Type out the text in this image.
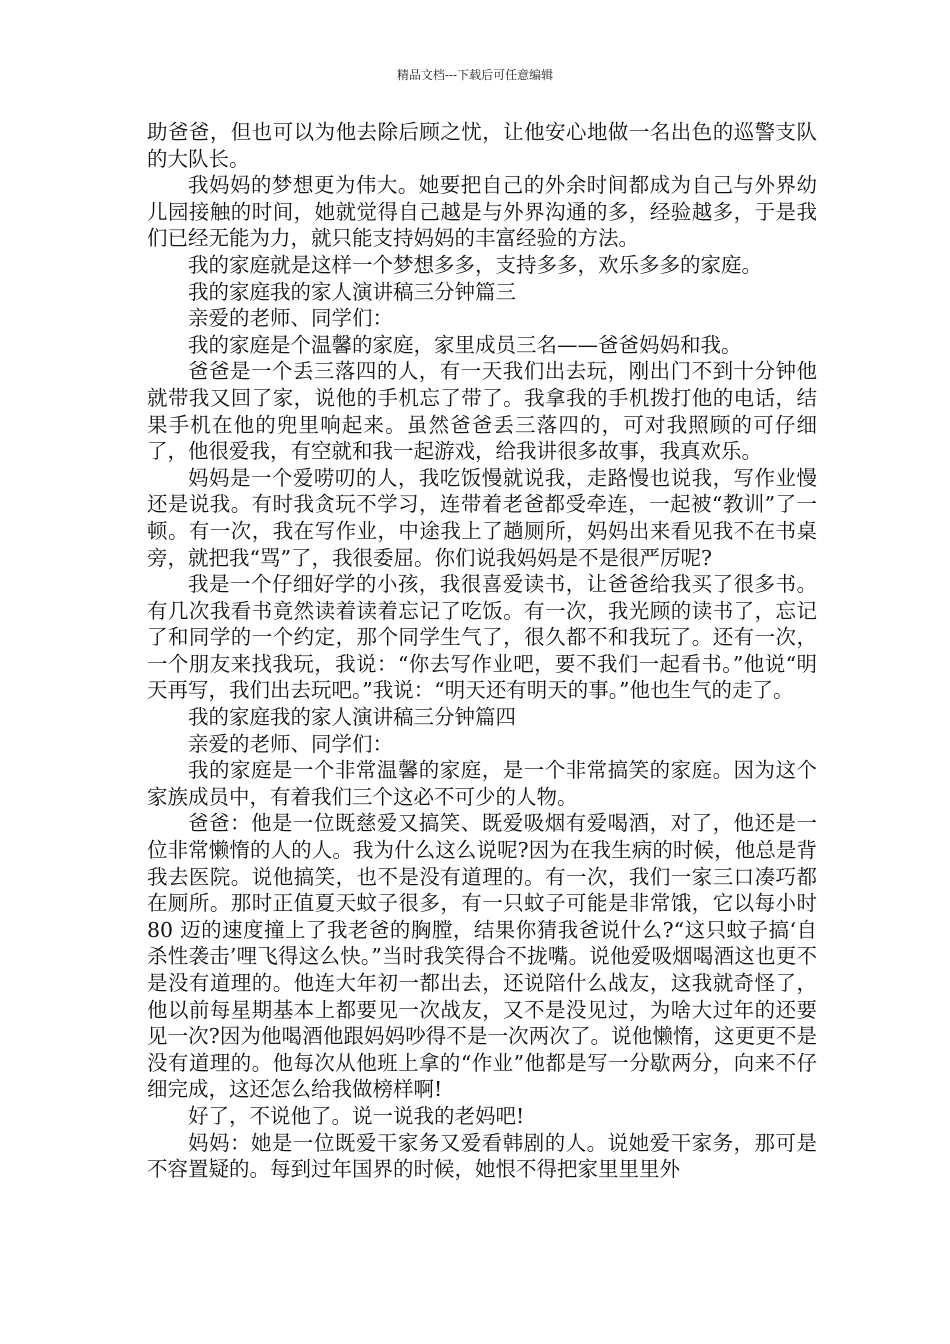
精品文档---下载后可任意编辑

助爸爸，但也可以为他去除后顾之忧，让他安心地做一名出色的巡警支队的大队长。

我妈妈的梦想更为伟大。她要把自己的外余时间都成为自己与外界幼儿园接触的时间，她就觉得自己越是与外界沟通的多，经验越多，于是我们已经无能为力，就只能支持妈妈的丰富经验的方法。

我的家庭就是这样一个梦想多多，支持多多，欢乐多多的家庭。

我的家庭我的家人演讲稿三分钟篇三

亲爱的老师、同学们：

我的家庭是个温馨的家庭，家里成员三名——爸爸妈妈和我。

爸爸是一个丢三落四的人，有一天我们出去玩，刚出门不到十分钟他就带我又回了家，说他的手机忘了带了。我拿我的手机拨打他的电话，结果手机在他的兜里响起来。虽然爸爸丢三落四的，可对我照顾的可仔细了，他很爱我，有空就和我一起游戏，给我讲很多故事，我真欢乐。

妈妈是一个爱唠叨的人，我吃饭慢就说我，走路慢也说我，写作业慢还是说我。有时我贪玩不学习，连带着老爸都受牵连，一起被“教训”了一顿。有一次，我在写作业，中途我上了趟厕所，妈妈出来看见我不在书桌旁，就把我“骂”了，我很委屈。你们说我妈妈是不是很严厉呢?

我是一个仔细好学的小孩，我很喜爱读书，让爸爸给我买了很多书。有几次我看书竟然读着读着忘记了吃饭。有一次，我光顾的读书了，忘记了和同学的一个约定，那个同学生气了，很久都不和我玩了。还有一次，一个朋友来找我玩，我说：“你去写作业吧，要不我们一起看书。”他说“明天再写，我们出去玩吧。”我说：“明天还有明天的事。”他也生气的走了。

我的家庭我的家人演讲稿三分钟篇四

亲爱的老师、同学们：

我的家庭是一个非常温馨的家庭，是一个非常搞笑的家庭。因为这个家族成员中，有着我们三个这必不可少的人物。

爸爸：他是一位既慈爱又搞笑、既爱吸烟有爱喝酒，对了，他还是一位非常懒惰的人的人。我为什么这么说呢?因为在我生病的时候，他总是背我去医院。说他搞笑，也不是没有道理的。有一次，我们一家三口凑巧都在厕所。那时正值夏天蚊子很多，有一只蚊子可能是非常饿，它以每小时 80 迈的速度撞上了我老爸的胸膛，结果你猜我爸说什么?“这只蚊子搞‘自杀性袭击’哩飞得这么快。”当时我笑得合不拢嘴。说他爱吸烟喝酒这也更不是没有道理的。他连大年初一都出去，还说陪什么战友，这我就奇怪了，他以前每星期基本上都要见一次战友，又不是没见过，为啥大过年的还要见一次?因为他喝酒他跟妈妈吵得不是一次两次了。说他懒惰，这更更不是没有道理的。他每次从他班上拿的“作业”他都是写一分歇两分，向来不仔细完成，这还怎么给我做榜样啊!

好了，不说他了。说一说我的老妈吧!

妈妈：她是一位既爱干家务又爱看韩剧的人。说她爱干家务，那可是不容置疑的。每到过年国界的时候，她恨不得把家里里里外
